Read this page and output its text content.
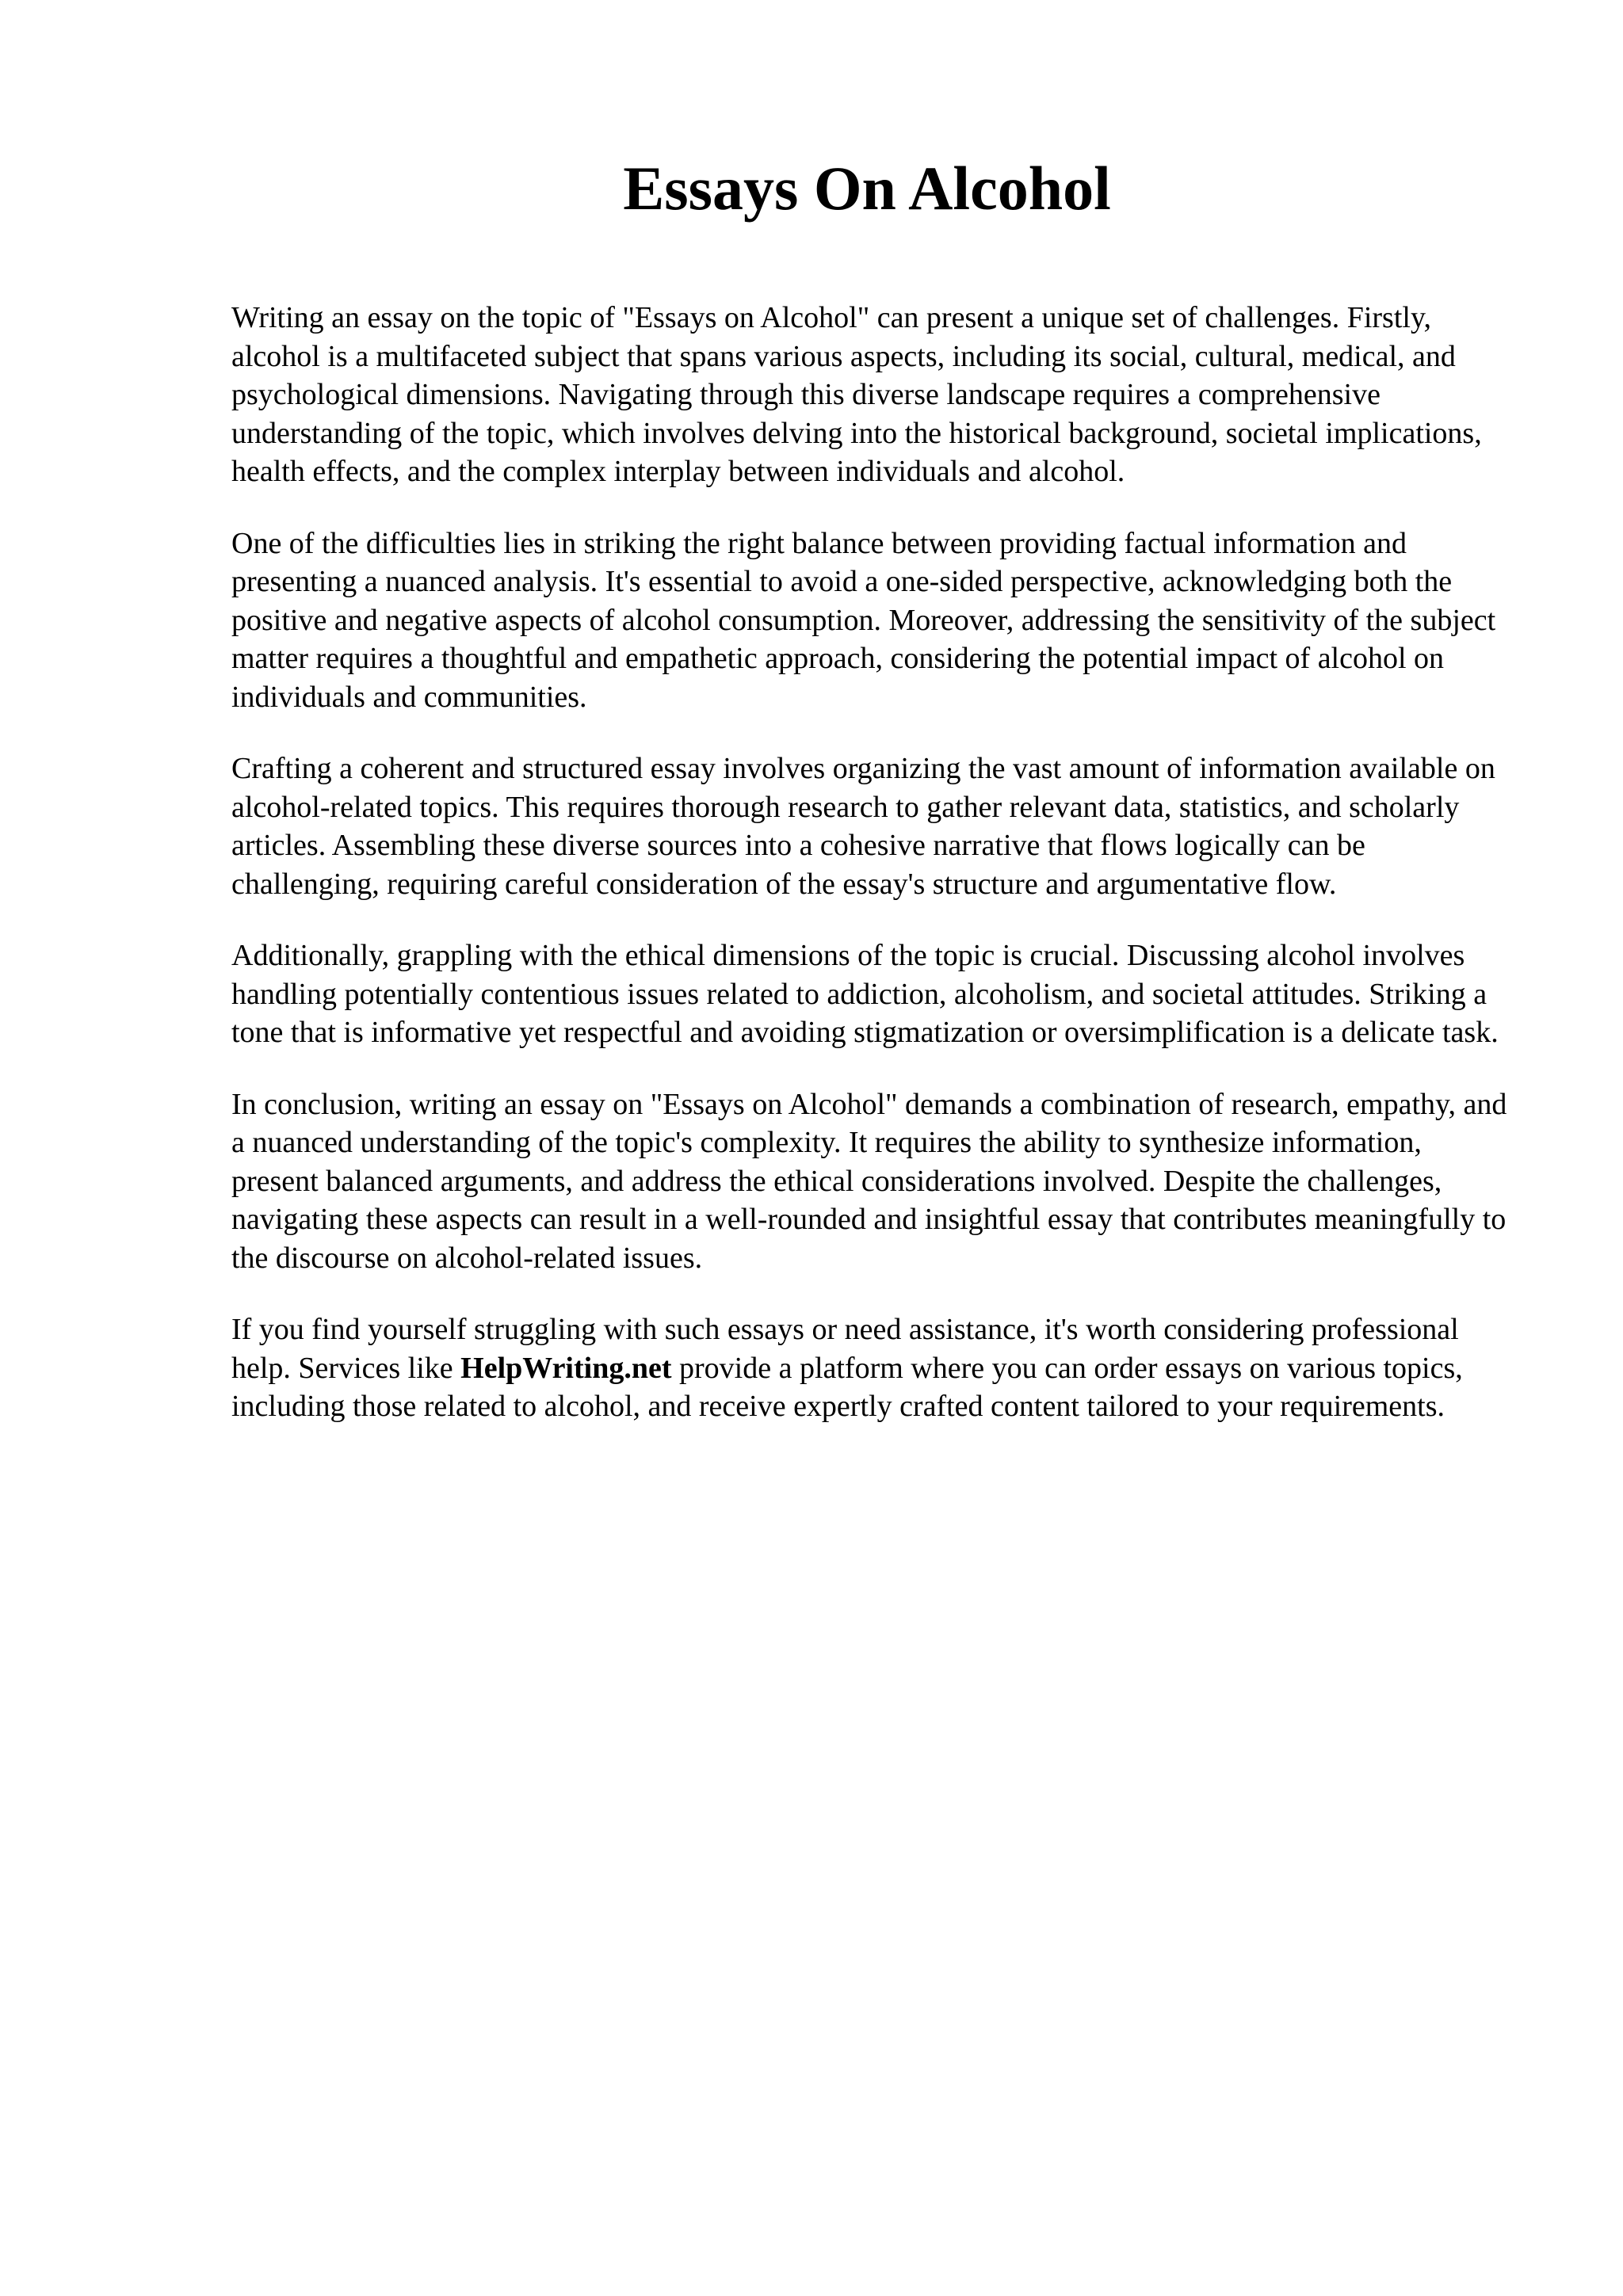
Essays On Alcohol

Writing an essay on the topic of "Essays on Alcohol" can present a unique set of challenges. Firstly, alcohol is a multifaceted subject that spans various aspects, including its social, cultural, medical, and psychological dimensions. Navigating through this diverse landscape requires a comprehensive understanding of the topic, which involves delving into the historical background, societal implications, health effects, and the complex interplay between individuals and alcohol.

One of the difficulties lies in striking the right balance between providing factual information and presenting a nuanced analysis. It's essential to avoid a one-sided perspective, acknowledging both the positive and negative aspects of alcohol consumption. Moreover, addressing the sensitivity of the subject matter requires a thoughtful and empathetic approach, considering the potential impact of alcohol on individuals and communities.

Crafting a coherent and structured essay involves organizing the vast amount of information available on alcohol-related topics. This requires thorough research to gather relevant data, statistics, and scholarly articles. Assembling these diverse sources into a cohesive narrative that flows logically can be challenging, requiring careful consideration of the essay's structure and argumentative flow.

Additionally, grappling with the ethical dimensions of the topic is crucial. Discussing alcohol involves handling potentially contentious issues related to addiction, alcoholism, and societal attitudes. Striking a tone that is informative yet respectful and avoiding stigmatization or oversimplification is a delicate task.

In conclusion, writing an essay on "Essays on Alcohol" demands a combination of research, empathy, and a nuanced understanding of the topic's complexity. It requires the ability to synthesize information, present balanced arguments, and address the ethical considerations involved. Despite the challenges, navigating these aspects can result in a well-rounded and insightful essay that contributes meaningfully to the discourse on alcohol-related issues.

If you find yourself struggling with such essays or need assistance, it's worth considering professional help. Services like HelpWriting.net provide a platform where you can order essays on various topics, including those related to alcohol, and receive expertly crafted content tailored to your requirements.
